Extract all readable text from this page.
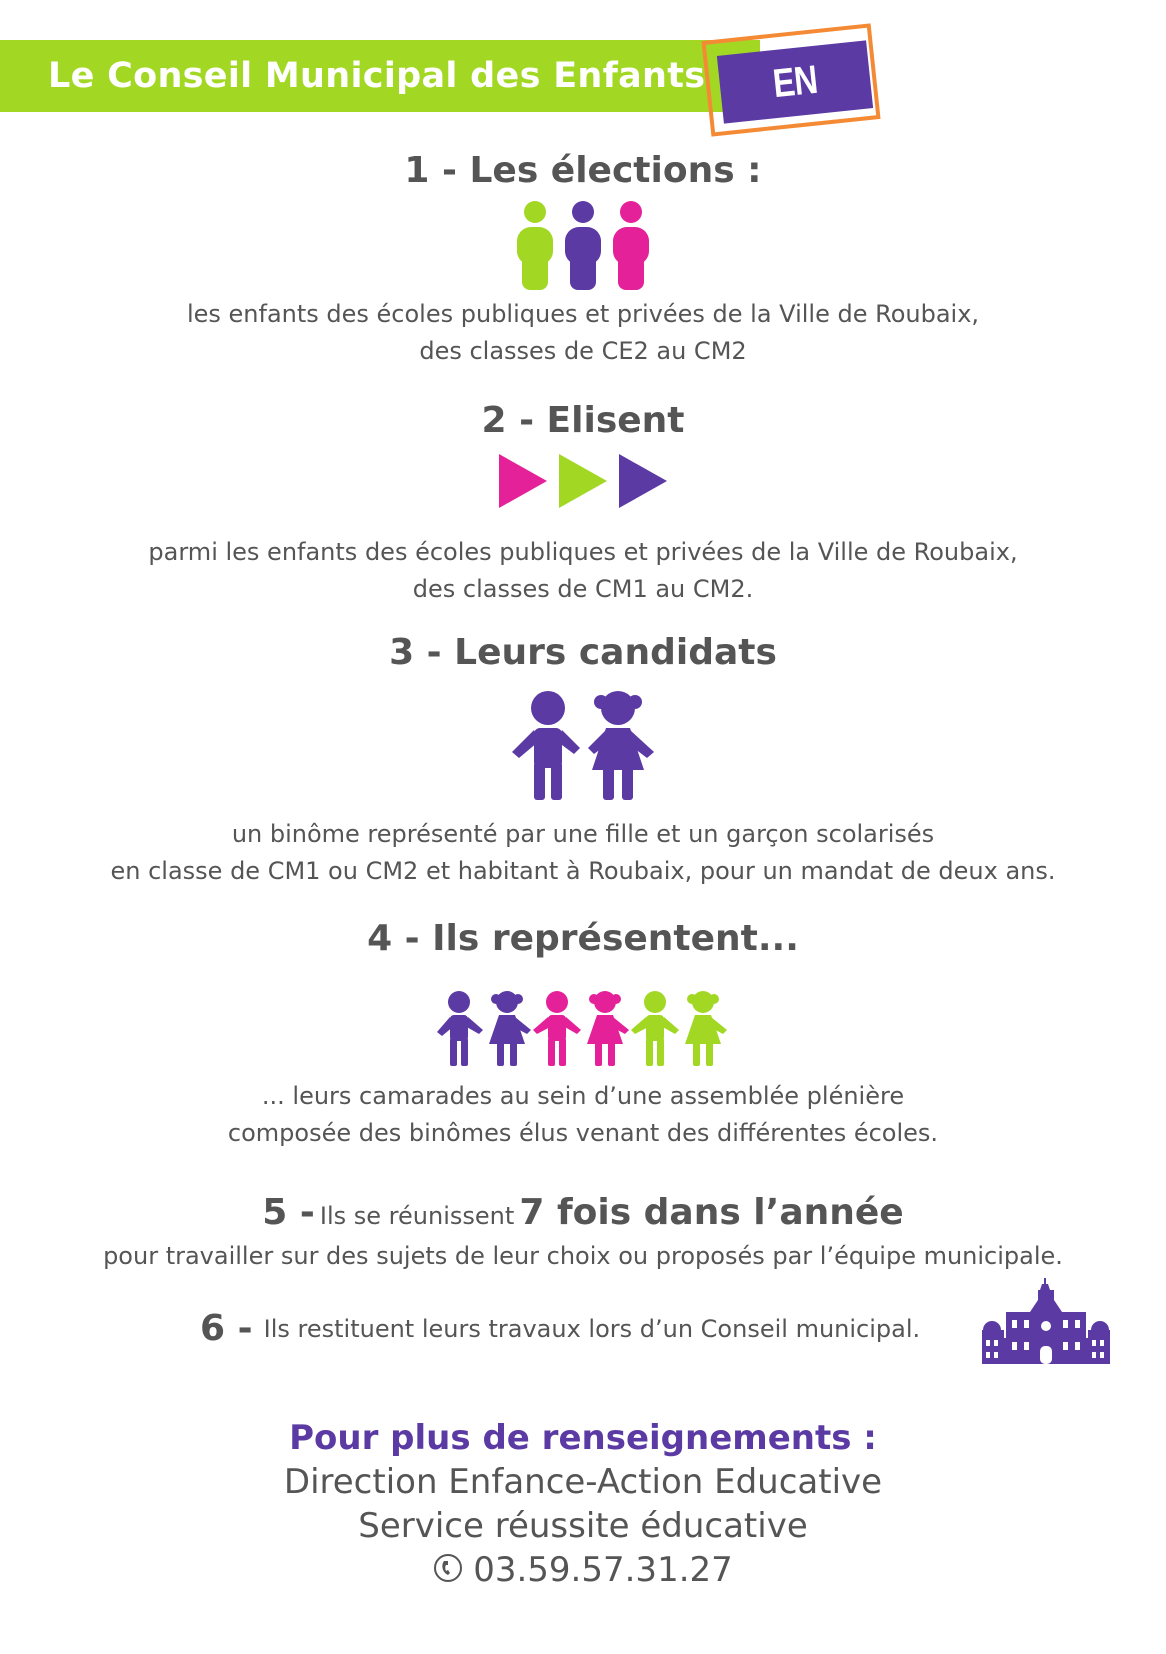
Le Conseil Municipal des Enfants	EN BREF
1 - Les élections :

les enfants des écoles publiques et privées de la Ville de Roubaix,

des classes de CE2 au CM2

2 - Elisent

parmi les enfants des écoles publiques et privées de la Ville de Roubaix,

des classes de CM1 au CM2.

3 - Leurs candidats

un binôme représenté par une fille et un garçon scolarisés

en classe de CM1 ou CM2 et habitant à Roubaix, pour un mandat de deux ans.

4 - Ils représentent...

... leurs camarades au sein d’une assemblée plénière

composée des binômes élus venant des différentes écoles.

5 - Ils se réunissent 7 fois dans l’année

pour travailler sur des sujets de leur choix ou proposés par l’équipe municipale.

6 - Ils restituent leurs travaux lors d’un Conseil municipal.
Pour plus de renseignements :
Direction Enfance-Action Educative
Service réussite éducative
03.59.57.31.27
